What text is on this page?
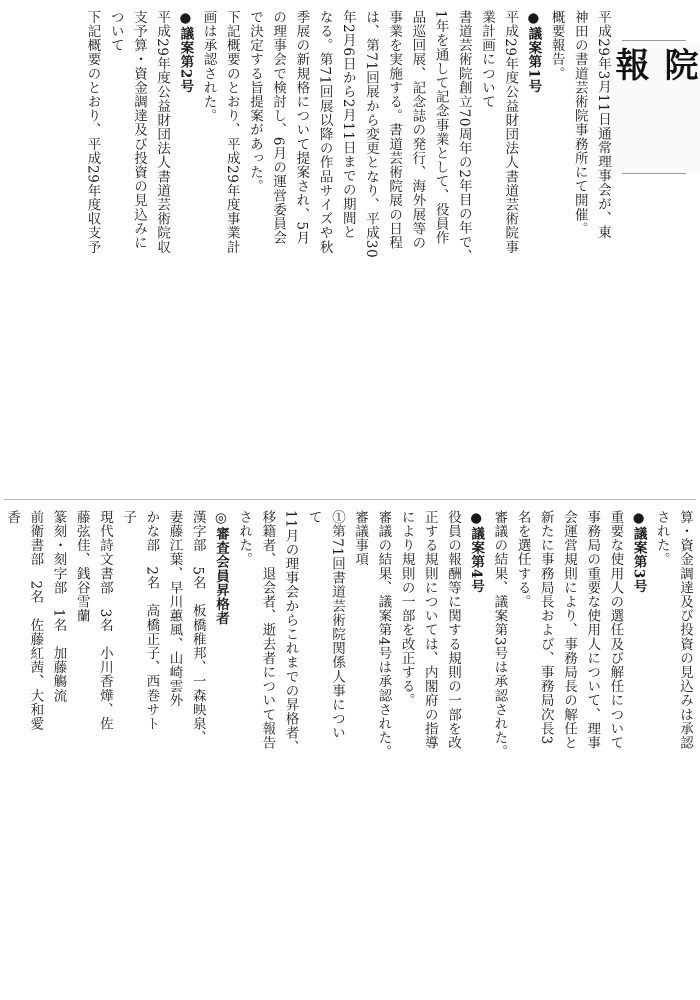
院　報

平成29年3月11日通常理事会が、東

神田の書道芸術院事務所にて開催。

概要報告。

●議案第1号

平成29年度公益財団法人書道芸術院事

業計画について

書道芸術院創立70周年の2年目の年で、

1年を通して記念事業として、役員作

品巡回展、記念誌の発行、海外展等の

事業を実施する。書道芸術院展の日程

は、第71回展から変更となり、平成30

年2月6日から2月11日までの期間と

なる。第71回展以降の作品サイズや秋

季展の新規格について提案され、5月

の理事会で検討し、6月の運営委員会

で決定する旨提案があった。

下記概要のとおり、平成29年度事業計

画は承認された。

●議案第2号

平成29年度公益財団法人書道芸術院収

支予算・資金調達及び投資の見込みに

ついて

下記概要のとおり、平成29年度収支予

算・資金調達及び投資の見込みは承認

された。

●議案第3号

重要な使用人の選任及び解任について

事務局の重要な使用人について、理事

会運営規則により、事務局長の解任と

新たに事務局長および、事務局次長3

名を選任する。

審議の結果、議案第3号は承認された。

●議案第4号

役員の報酬等に関する規則の一部を改

正する規則については、内閣府の指導

により規則の一部を改正する。

審議の結果、議案第4号は承認された。

審議事項

①第71回書道芸術院関係人事につい

て

11月の理事会からこれまでの昇格者、

移籍者、退会者、逝去者について報告

された。

◎審査会員昇格者

漢字部　5名　板橋稚邦、一森映泉、

妻藤江葉、早川蕙風、山崎雲外

かな部　2名　高橋正子、西巻サト

子

現代詩文書部　3名　小川香燁、佐

藤弦佳、銭谷雪蘭

篆刻・刻字部　1名　加藤觴流

前衛書部　2名　佐藤紅茜、大和愛

香
